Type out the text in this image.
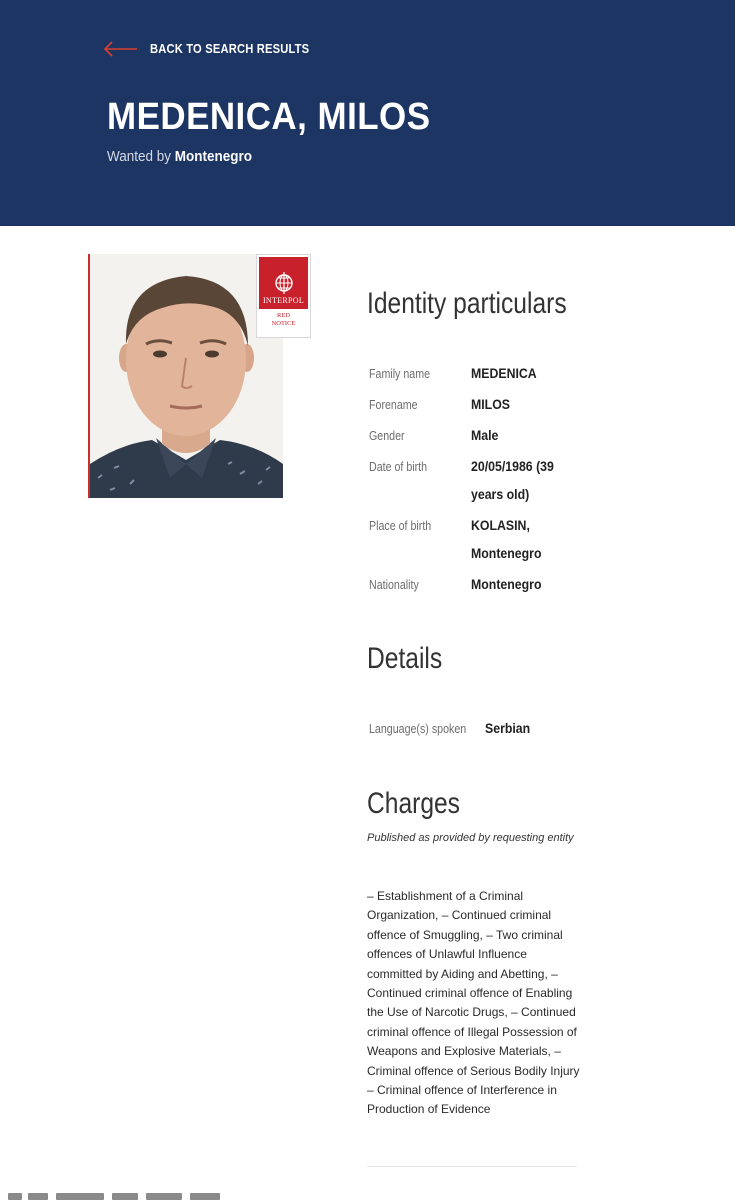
BACK TO SEARCH RESULTS
MEDENICA, MILOS
Wanted by Montenegro
INTERPOL
RED
NOTICE
Identity particulars
Family name	MEDENICA
Forename	MILOS
Gender	Male
Date of birth	20/05/1986 (39 years old)
Place of birth	KOLASIN, Montenegro
Nationality	Montenegro
Details
Language(s) spoken Serbian
Charges
Published as provided by requesting entity
– Establishment of a Criminal Organization, – Continued criminal offence of Smuggling, – Two criminal offences of Unlawful Influence committed by Aiding and Abetting, – Continued criminal offence of Enabling the Use of Narcotic Drugs, – Continued criminal offence of Illegal Possession of Weapons and Explosive Materials, – Criminal offence of Serious Bodily Injury – Criminal offence of Interference in Production of Evidence
